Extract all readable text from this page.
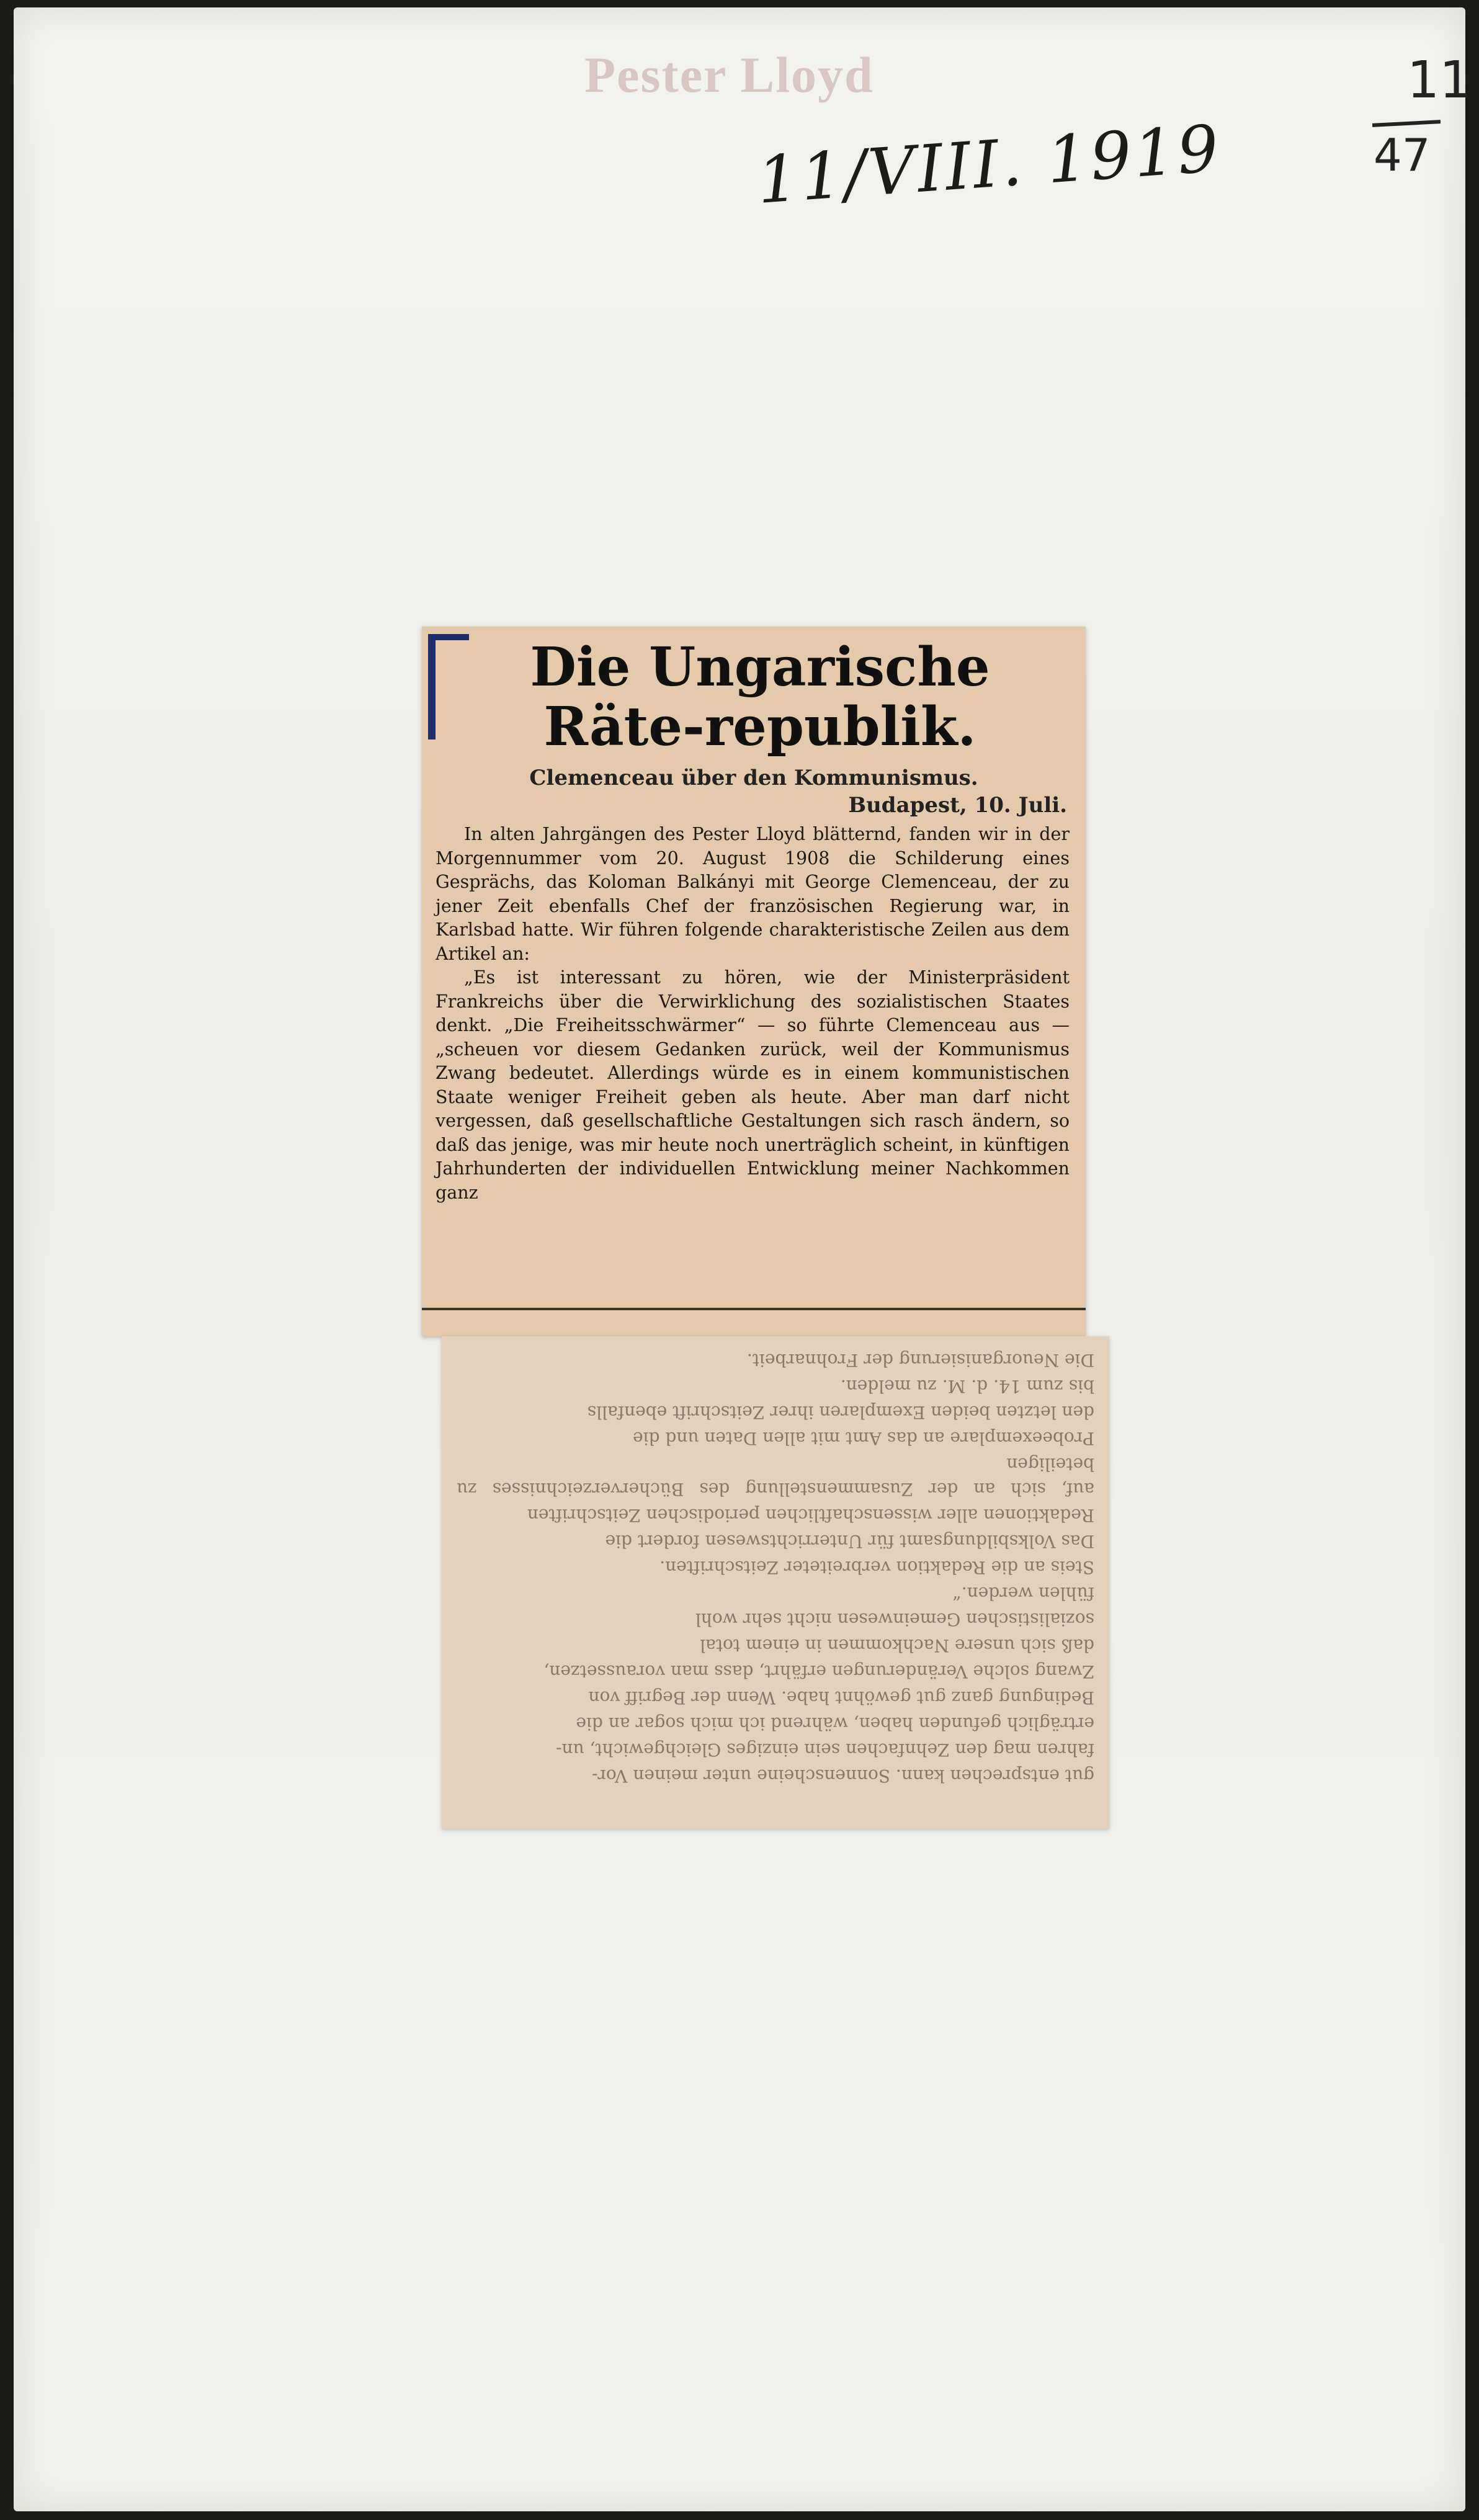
Pester Lloyd
11/VIII. 1919
11
47
Die Ungarische Räte-republik.
Clemenceau über den Kommunismus.
Budapest, 10. Juli.

In alten Jahrgängen des Pester Lloyd blätternd, fanden wir in der Morgennummer vom 20. August 1908 die Schilderung eines Gesprächs, das Koloman Balkányi mit George Clemenceau, der zu jener Zeit ebenfalls Chef der französischen Regierung war, in Karlsbad hatte. Wir führen folgende charakteristische Zeilen aus dem Artikel an:

„Es ist interessant zu hören, wie der Ministerpräsident Frankreichs über die Verwirklichung des sozialistischen Staates denkt. „Die Freiheitsschwärmer“ — so führte Clemenceau aus — „scheuen vor diesem Gedanken zurück, weil der Kommunismus Zwang bedeutet. Allerdings würde es in einem kommunistischen Staate weniger Freiheit geben als heute. Aber man darf nicht vergessen, daß gesellschaftliche Gestaltungen sich rasch ändern, so daß das jenige, was mir heute noch unerträglich scheint, in künftigen Jahrhunderten der individuellen Entwicklung meiner Nachkommen ganz

gut entsprechen kann. Sonnenscheine unter meinen Vor-
fahren mag den Zehnfachen sein einziges Gleichgewicht, un-
erträglich gefunden haben, während ich mich sogar an die
Bedingung ganz gut gewöhnt habe. Wenn der Begriff von
Zwang solche Veränderungen erfährt, dass man voraussetzen,
daß sich unsere Nachkommen in einem total
sozialistischen Gemeinwesen nicht sehr wohl
fühlen werden.“
Steis an die Redaktion verbreiteter Zeitschriften.
Das Volksbildungsamt für Unterrichtswesen fordert die
Redaktionen aller wissenschaftlichen periodischen Zeitschriften
auf, sich an der Zusammenstellung des Bücherverzeichnisses zu beteiligen
Probeexemplare an das Amt mit allen Daten und die
den letzten beiden Exemplaren ihrer Zeitschrift ebenfalls
bis zum 14. d. M. zu melden.
Die Neuorganisierung der Frohnarbeit.
